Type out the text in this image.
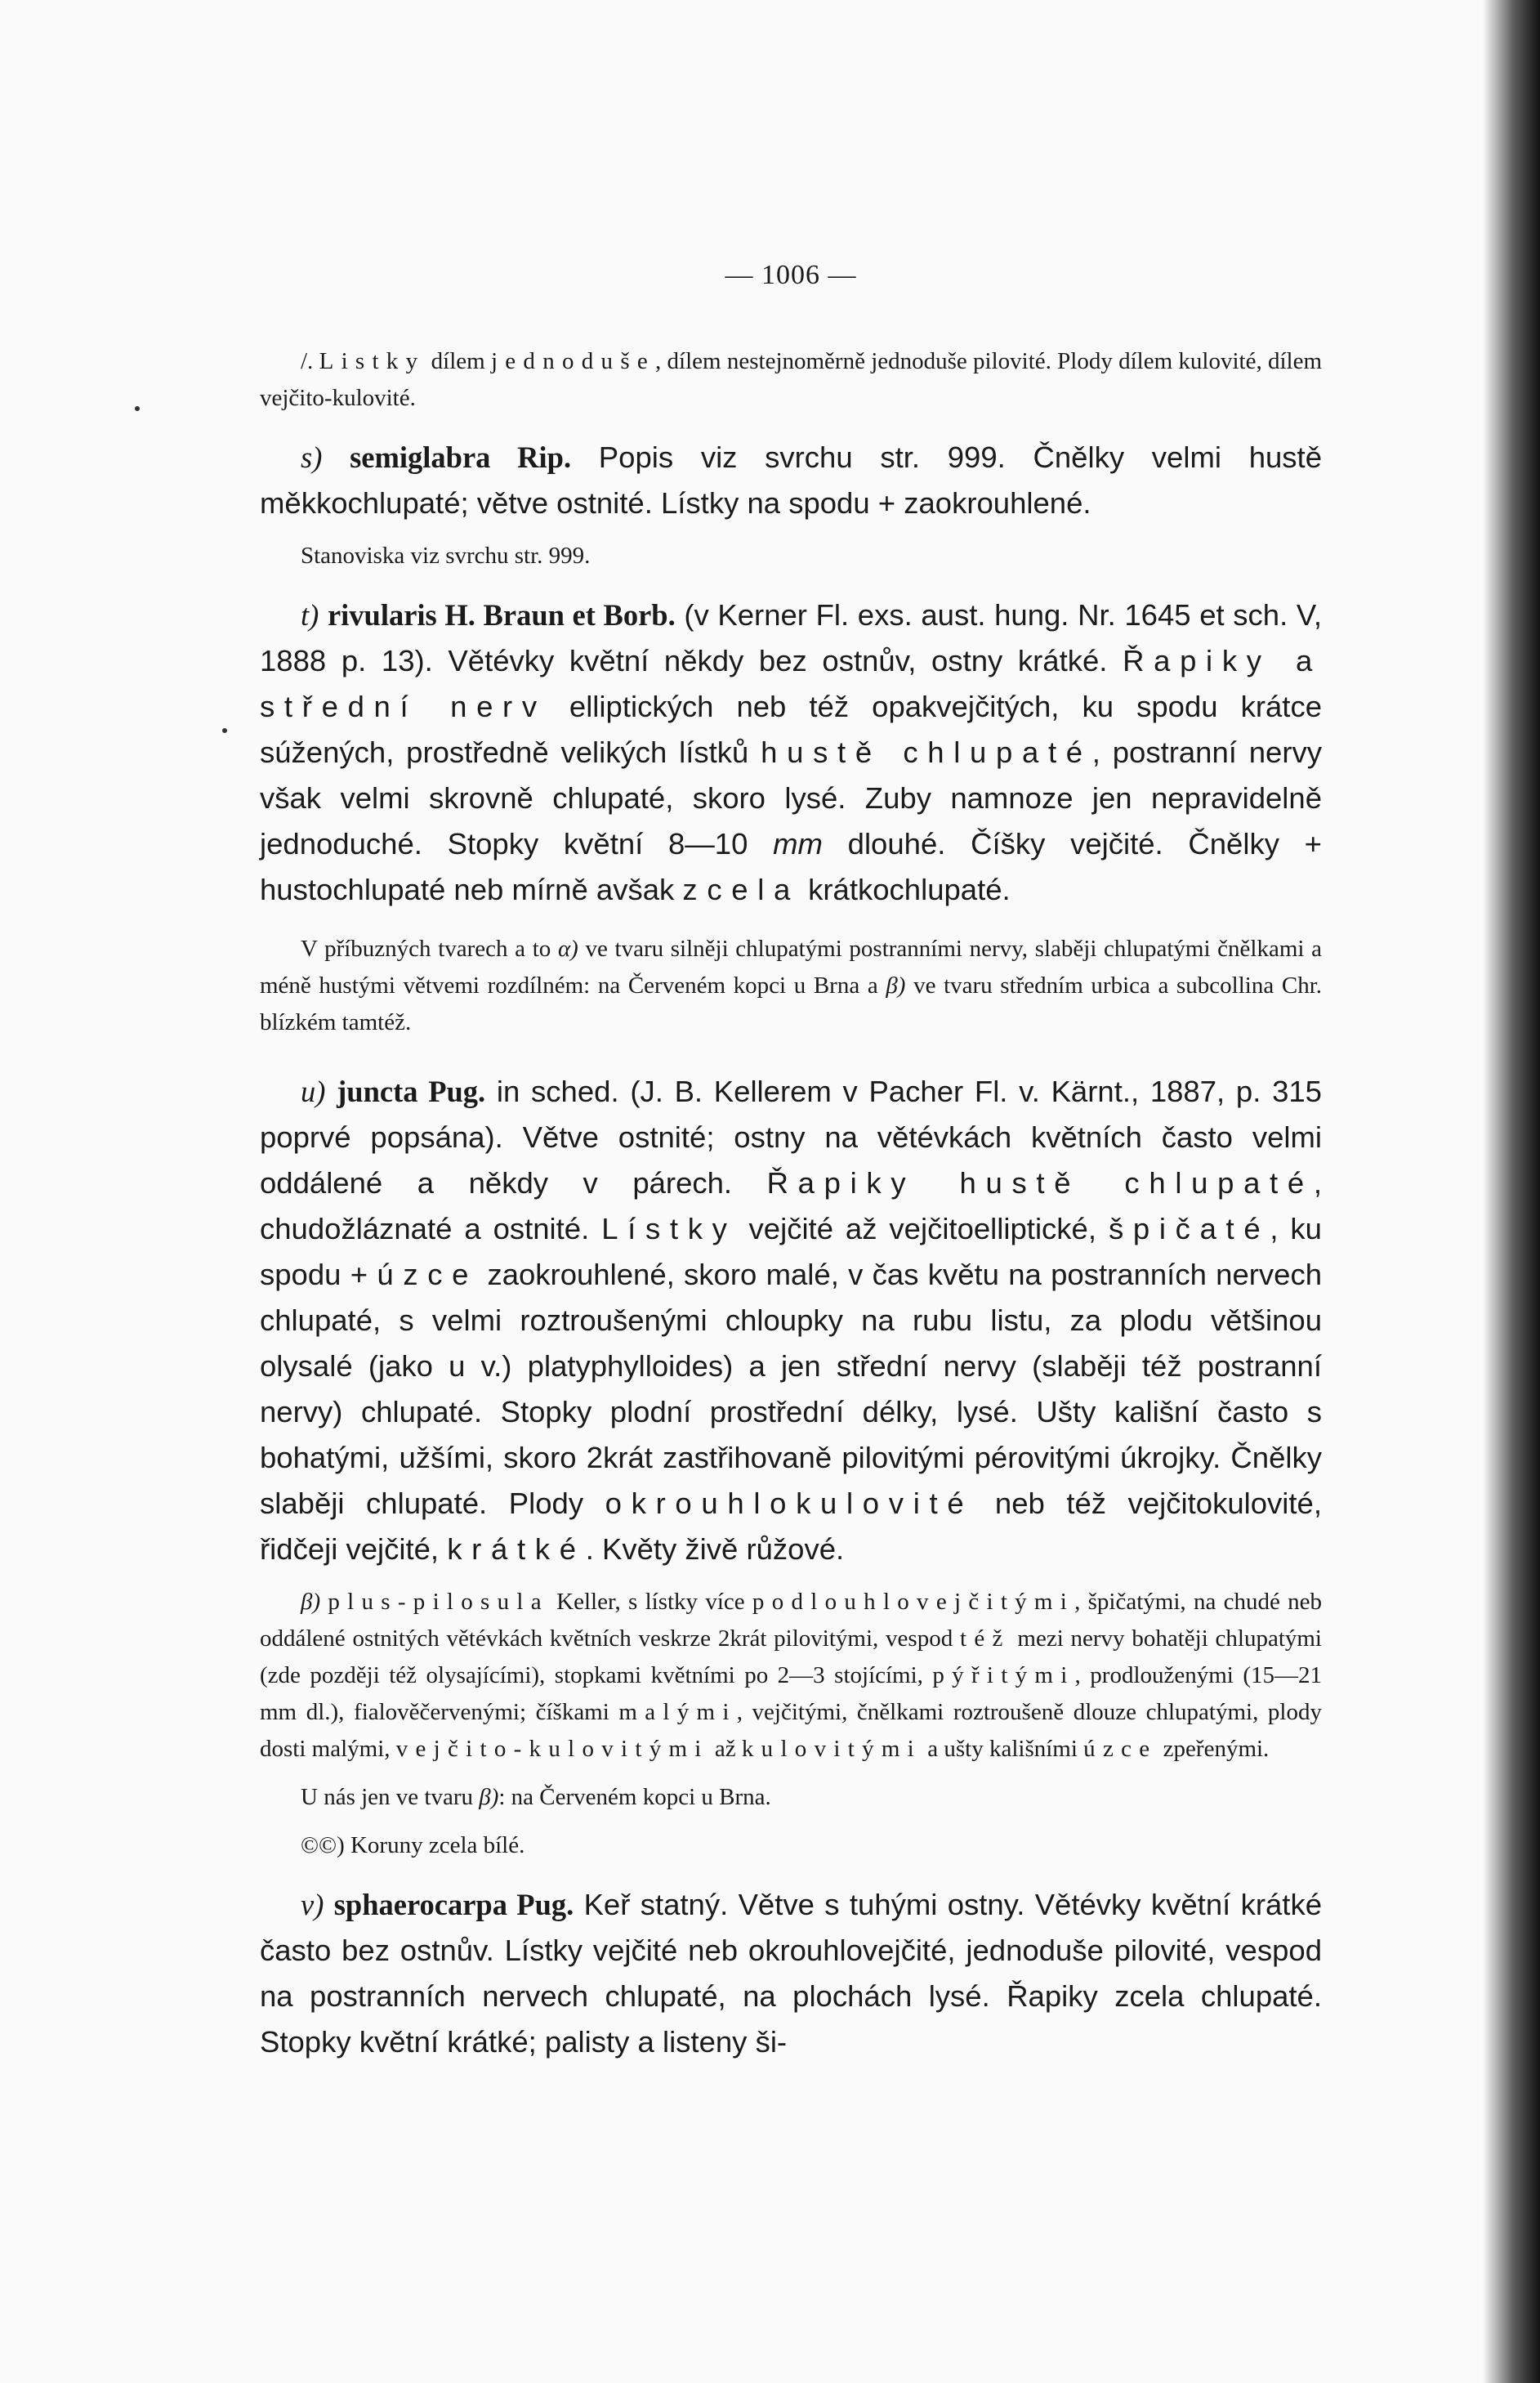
— 1006 —

/. Listky dílem jednoduše, dílem nestejnoměrně jednoduše pilovité. Plody dílem kulovité, dílem vejčito-kulovité.

s) semiglabra Rip. Popis viz svrchu str. 999. Čnělky velmi hustě měkkochlupaté; větve ostnité. Lístky na spodu + zaokrouhlené.

Stanoviska viz svrchu str. 999.

t) rivularis H. Braun et Borb. (v Kerner Fl. exs. aust. hung. Nr. 1645 et sch. V, 1888 p. 13). Větévky květní někdy bez ostnův, ostny krátké. Řapiky a střední nerv elliptických neb též opakvejčitých, ku spodu krátce súžených, prostředně velikých lístků hustě chlupaté, postranní nervy však velmi skrovně chlupaté, skoro lysé. Zuby namnoze jen nepravidelně jednoduché. Stopky květní 8—10 mm dlouhé. Číšky vejčité. Čnělky + hustochlupaté neb mírně avšak zcela krátkochlupaté.

V příbuzných tvarech a to α) ve tvaru silněji chlupatými postranními nervy, slaběji chlupatými čnělkami a méně hustými větvemi rozdílném: na Červeném kopci u Brna a β) ve tvaru středním urbica a subcollina Chr. blízkém tamtéž.

u) juncta Pug. in sched. (J. B. Kellerem v Pacher Fl. v. Kärnt., 1887, p. 315 poprvé popsána). Větve ostnité; ostny na větévkách květních často velmi oddálené a někdy v párech. Řapiky hustě chlupaté, chudožláznaté a ostnité. Lístky vejčité až vejčitoelliptické, špičaté, ku spodu + úzce zaokrouhlené, skoro malé, v čas květu na postranních nervech chlupaté, s velmi roztroušenými chloupky na rubu listu, za plodu většinou olysalé (jako u v.) platyphylloides) a jen střední nervy (slaběji též postranní nervy) chlupaté. Stopky plodní prostřední délky, lysé. Ušty kališní často s bohatými, užšími, skoro 2krát zastřihovaně pilovitými pérovitými úkrojky. Čnělky slaběji chlupaté. Plody okrouhlokulovité neb též vejčitokulovité, řidčeji vejčité, krátké. Květy živě růžové.

β) plus-pilosula Keller, s lístky více podlouhlovejčitými, špičatými, na chudé neb oddálené ostnitých větévkách květních veskrze 2krát pilovitými, vespod též mezi nervy bohatěji chlupatými (zde později též olysajícími), stopkami květními po 2—3 stojícími, pýřitými, prodlouženými (15—21 mm dl.), fialověčervenými; číškami malými, vejčitými, čnělkami roztroušeně dlouze chlupatými, plody dosti malými, vejčito-kulovitými až kulovitými a ušty kališními úzce zpeřenými.

U nás jen ve tvaru β): na Červeném kopci u Brna.

©©) Koruny zcela bílé.

v) sphaerocarpa Pug. Keř statný. Větve s tuhými ostny. Větévky květní krátké často bez ostnův. Lístky vejčité neb okrouhlovejčité, jednoduše pilovité, vespod na postranních nervech chlupaté, na plochách lysé. Řapiky zcela chlupaté. Stopky květní krátké; palisty a listeny ši-
